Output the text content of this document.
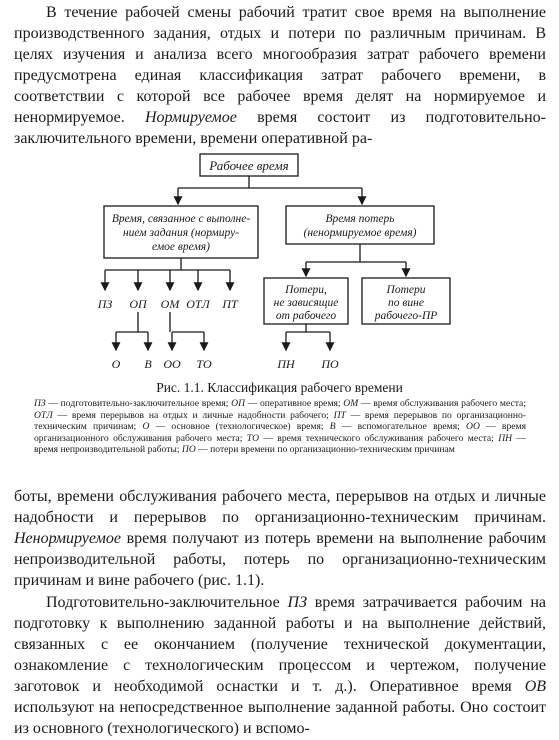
В течение рабочей смены рабочий тратит свое время на выполнение производственного задания, отдых и потери по различным причинам. В целях изучения и анализа всего многообразия затрат рабочего времени предусмотрена единая классификация затрат рабочего времени, в соответствии с которой все рабочее время делят на нормируемое и ненормируемое. Нормируемое время состоит из подготовительно-заключительного времени, времени оперативной ра-

Рабочее время
Время, связанное с выполне-
нием задания (нормиру-
емое время)
Время потерь
(ненормируемое время)
ПЗ ОП ОМ ОТЛ ПТ
О В ОО ТО
Потери,
не зависящие
от рабочего
Потери
по вине
рабочего-ПР
ПН ПО

Рис. 1.1. Классификация рабочего времени

ПЗ — подготовительно-заключительное время; ОП — оперативное время; ОМ — время обслуживания рабочего места; ОТЛ — время перерывов на отдых и личные надобности рабочего; ПТ — время перерывов по организационно-техническим причинам; О — основное (технологическое) время; В — вспомогательное время; ОО — время организационного обслуживания рабочего места; ТО — время технического обслуживания рабочего места; ПН — время непроизводительной работы; ПО — потери времени по организационно-техническим причинам

боты, времени обслуживания рабочего места, перерывов на отдых и личные надобности и перерывов по организационно-техническим причинам. Ненормируемое время получают из потерь времени на выполнение рабочим непроизводительной работы, потерь по организационно-техническим причинам и вине рабочего (рис. 1.1).

Подготовительно-заключительное ПЗ время затрачивается рабочим на подготовку к выполнению заданной работы и на выполнение действий, связанных с ее окончанием (получение технической документации, ознакомление с технологическим процессом и чертежом, получение заготовок и необходимой оснастки и т. д.). Оперативное время ОВ используют на непосредственное выполнение заданной работы. Оно состоит из основного (технологического) и вспомо-
